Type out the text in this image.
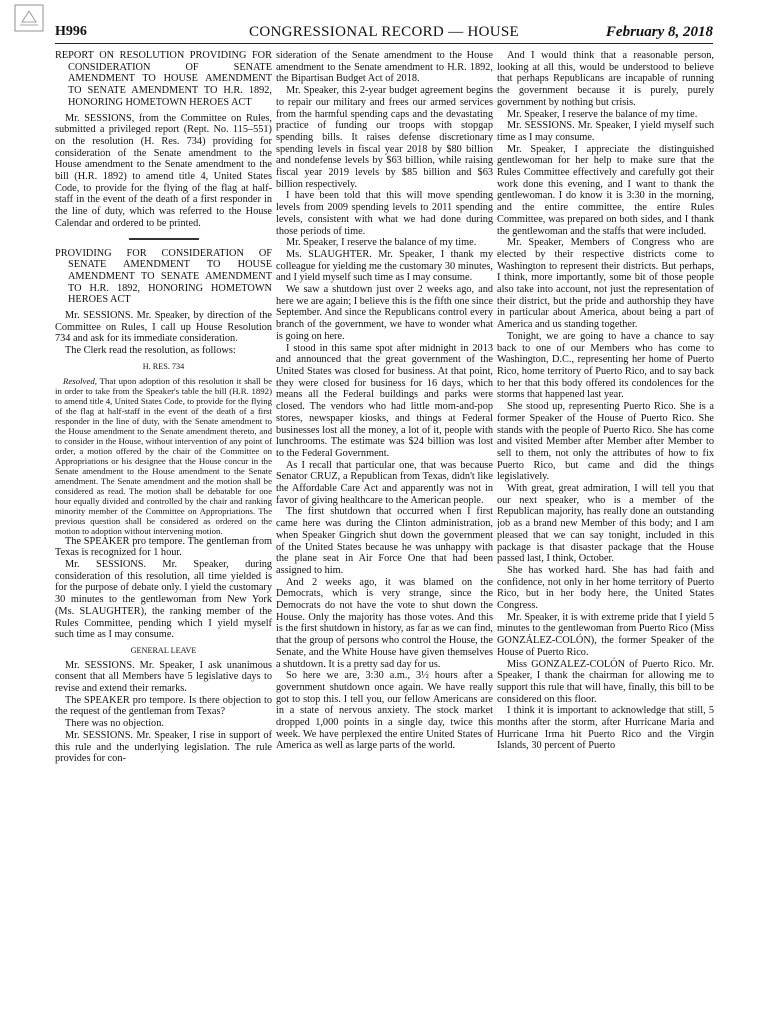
H996	CONGRESSIONAL RECORD — HOUSE	February 8, 2018

REPORT ON RESOLUTION PROVIDING FOR CONSIDERATION OF SENATE AMENDMENT TO HOUSE AMENDMENT TO SENATE AMENDMENT TO H.R. 1892, HONORING HOMETOWN HEROES ACT

Mr. SESSIONS, from the Committee on Rules, submitted a privileged report (Rept. No. 115–551) on the resolution (H. Res. 734) providing for consideration of the Senate amendment to the House amendment to the Senate amendment to the bill (H.R. 1892) to amend title 4, United States Code, to provide for the flying of the flag at half-staff in the event of the death of a first responder in the line of duty, which was referred to the House Calendar and ordered to be printed.

PROVIDING FOR CONSIDERATION OF SENATE AMENDMENT TO HOUSE AMENDMENT TO SENATE AMENDMENT TO H.R. 1892, HONORING HOMETOWN HEROES ACT

Mr. SESSIONS. Mr. Speaker, by direction of the Committee on Rules, I call up House Resolution 734 and ask for its immediate consideration.

The Clerk read the resolution, as follows:

H. RES. 734

Resolved, That upon adoption of this resolution it shall be in order to take from the Speaker's table the bill (H.R. 1892) to amend title 4, United States Code, to provide for the flying of the flag at half-staff in the event of the death of a first responder in the line of duty, with the Senate amendment to the House amendment to the Senate amendment thereto, and to consider in the House, without intervention of any point of order, a motion offered by the chair of the Committee on Appropriations or his designee that the House concur in the Senate amendment to the House amendment to the Senate amendment. The Senate amendment and the motion shall be considered as read. The motion shall be debatable for one hour equally divided and controlled by the chair and ranking minority member of the Committee on Appropriations. The previous question shall be considered as ordered on the motion to adoption without intervening motion.

The SPEAKER pro tempore. The gentleman from Texas is recognized for 1 hour.

Mr. SESSIONS. Mr. Speaker, during consideration of this resolution, all time yielded is for the purpose of debate only. I yield the customary 30 minutes to the gentlewoman from New York (Ms. SLAUGHTER), the ranking member of the Rules Committee, pending which I yield myself such time as I may consume.

GENERAL LEAVE

Mr. SESSIONS. Mr. Speaker, I ask unanimous consent that all Members have 5 legislative days to revise and extend their remarks.

The SPEAKER pro tempore. Is there objection to the request of the gentleman from Texas?

There was no objection.

Mr. SESSIONS. Mr. Speaker, I rise in support of this rule and the underlying legislation. The rule provides for con-

sideration of the Senate amendment to the House amendment to the Senate amendment to H.R. 1892, the Bipartisan Budget Act of 2018.

Mr. Speaker, this 2-year budget agreement begins to repair our military and frees our armed services from the harmful spending caps and the devastating practice of funding our troops with stopgap spending bills. It raises defense discretionary spending levels in fiscal year 2018 by $80 billion and nondefense levels by $63 billion, while raising fiscal year 2019 levels by $85 billion and $63 billion respectively.

I have been told that this will move spending levels from 2009 spending levels to 2011 spending levels, consistent with what we had done during those periods of time.

Mr. Speaker, I reserve the balance of my time.

Ms. SLAUGHTER. Mr. Speaker, I thank my colleague for yielding me the customary 30 minutes, and I yield myself such time as I may consume.

We saw a shutdown just over 2 weeks ago, and here we are again; I believe this is the fifth one since September. And since the Republicans control every branch of the government, we have to wonder what is going on here.

I stood in this same spot after midnight in 2013 and announced that the great government of the United States was closed for business. At that point, they were closed for business for 16 days, which means all the Federal buildings and parks were closed. The vendors who had little mom-and-pop stores, newspaper kiosks, and things at Federal businesses lost all the money, a lot of it, people with lunchrooms. The estimate was $24 billion was lost to the Federal Government.

As I recall that particular one, that was because Senator CRUZ, a Republican from Texas, didn't like the Affordable Care Act and apparently was not in favor of giving healthcare to the American people.

The first shutdown that occurred when I first came here was during the Clinton administration, when Speaker Gingrich shut down the government of the United States because he was unhappy with the plane seat in Air Force One that had been assigned to him.

And 2 weeks ago, it was blamed on the Democrats, which is very strange, since the Democrats do not have the vote to shut down the House. Only the majority has those votes. And this is the first shutdown in history, as far as we can find, that the group of persons who control the House, the Senate, and the White House have given themselves a shutdown. It is a pretty sad day for us.

So here we are, 3:30 a.m., 3½ hours after a government shutdown once again. We have really got to stop this. I tell you, our fellow Americans are in a state of nervous anxiety. The stock market dropped 1,000 points in a single day, twice this week. We have perplexed the entire United States of America as well as large parts of the world.

And I would think that a reasonable person, looking at all this, would be understood to believe that perhaps Republicans are incapable of running the government because it is purely, purely government by nothing but crisis.

Mr. Speaker, I reserve the balance of my time.

Mr. SESSIONS. Mr. Speaker, I yield myself such time as I may consume.

Mr. Speaker, I appreciate the distinguished gentlewoman for her help to make sure that the Rules Committee effectively and carefully got their work done this evening, and I want to thank the gentlewoman. I do know it is 3:30 in the morning, and the entire committee, the entire Rules Committee, was prepared on both sides, and I thank the gentlewoman and the staffs that were included.

Mr. Speaker, Members of Congress who are elected by their respective districts come to Washington to represent their districts. But perhaps, I think, more importantly, some bit of those people also take into account, not just the representation of their district, but the pride and authorship they have in particular about America, about being a part of America and us standing together.

Tonight, we are going to have a chance to say back to one of our Members who has come to Washington, D.C., representing her home of Puerto Rico, home territory of Puerto Rico, and to say back to her that this body offered its condolences for the storms that happened last year.

She stood up, representing Puerto Rico. She is a former Speaker of the House of Puerto Rico. She stands with the people of Puerto Rico. She has come and visited Member after Member after Member to sell to them, not only the attributes of how to fix Puerto Rico, but came and did the things legislatively.

With great, great admiration, I will tell you that our next speaker, who is a member of the Republican majority, has really done an outstanding job as a brand new Member of this body; and I am pleased that we can say tonight, included in this package is that disaster package that the House passed last, I think, October.

She has worked hard. She has had faith and confidence, not only in her home territory of Puerto Rico, but in her body here, the United States Congress.

Mr. Speaker, it is with extreme pride that I yield 5 minutes to the gentlewoman from Puerto Rico (Miss GONZÁLEZ-COLÓN), the former Speaker of the House of Puerto Rico.

Miss GONZALEZ-COLÓN of Puerto Rico. Mr. Speaker, I thank the chairman for allowing me to support this rule that will have, finally, this bill to be considered on this floor.

I think it is important to acknowledge that still, 5 months after the storm, after Hurricane Maria and Hurricane Irma hit Puerto Rico and the Virgin Islands, 30 percent of Puerto
